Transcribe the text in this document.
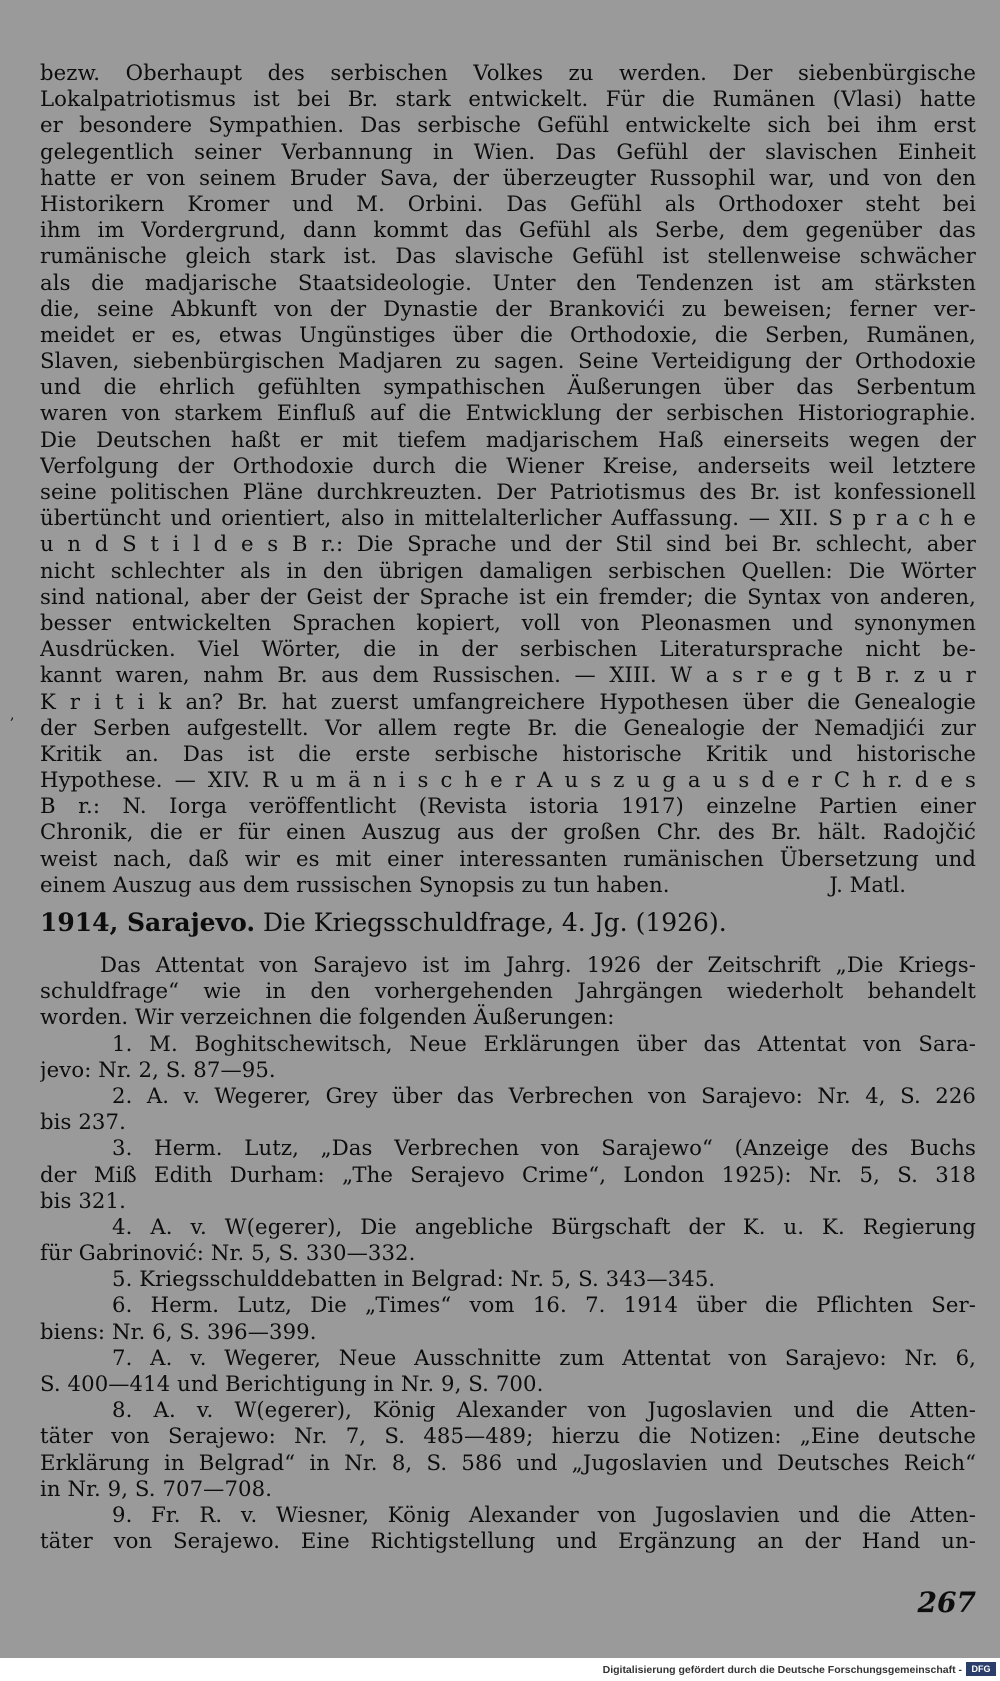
bezw. Oberhaupt des serbischen Volkes zu werden. Der siebenbürgische
Lokalpatriotismus ist bei Br. stark entwickelt. Für die Rumänen (Vlasi) hatte
er besondere Sympathien. Das serbische Gefühl entwickelte sich bei ihm erst
gelegentlich seiner Verbannung in Wien. Das Gefühl der slavischen Einheit
hatte er von seinem Bruder Sava, der überzeugter Russophil war, und von den
Historikern Kromer und M. Orbini. Das Gefühl als Orthodoxer steht bei
ihm im Vordergrund, dann kommt das Gefühl als Serbe, dem gegenüber das
rumänische gleich stark ist. Das slavische Gefühl ist stellenweise schwächer
als die madjarische Staatsideologie. Unter den Tendenzen ist am stärksten
die, seine Abkunft von der Dynastie der Brankovići zu beweisen; ferner ver-
meidet er es, etwas Ungünstiges über die Orthodoxie, die Serben, Rumänen,
Slaven, siebenbürgischen Madjaren zu sagen. Seine Verteidigung der Orthodoxie
und die ehrlich gefühlten sympathischen Äußerungen über das Serbentum
waren von starkem Einfluß auf die Entwicklung der serbischen Historiographie.
Die Deutschen haßt er mit tiefem madjarischem Haß einerseits wegen der
Verfolgung der Orthodoxie durch die Wiener Kreise, anderseits weil letztere
seine politischen Pläne durchkreuzten. Der Patriotismus des Br. ist konfessionell
übertüncht und orientiert, also in mittelalterlicher Auffassung. — XII. S p r a c h e
u n d S t i l d e s B r.: Die Sprache und der Stil sind bei Br. schlecht, aber
nicht schlechter als in den übrigen damaligen serbischen Quellen: Die Wörter
sind national, aber der Geist der Sprache ist ein fremder; die Syntax von anderen,
besser entwickelten Sprachen kopiert, voll von Pleonasmen und synonymen
Ausdrücken. Viel Wörter, die in der serbischen Literatursprache nicht be-
kannt waren, nahm Br. aus dem Russischen. — XIII. W a s r e g t B r. z u r
K r i t i k an? Br. hat zuerst umfangreichere Hypothesen über die Genealogie
der Serben aufgestellt. Vor allem regte Br. die Genealogie der Nemadjići zur
Kritik an. Das ist die erste serbische historische Kritik und historische
Hypothese. — XIV. R u m ä n i s c h e r A u s z u g a u s d e r C h r. d e s
B r.: N. Iorga veröffentlicht (Revista istoria 1917) einzelne Partien einer
Chronik, die er für einen Auszug aus der großen Chr. des Br. hält. Radojčić
weist nach, daß wir es mit einer interessanten rumänischen Übersetzung und
einem Auszug aus dem russischen Synopsis zu tun haben.	J. Matl.
1914, Sarajevo. Die Kriegsschuldfrage, 4. Jg. (1926).
Das Attentat von Sarajevo ist im Jahrg. 1926 der Zeitschrift „Die Kriegs-
schuldfrage“ wie in den vorhergehenden Jahrgängen wiederholt behandelt
worden. Wir verzeichnen die folgenden Äußerungen:
1. M. Boghitschewitsch, Neue Erklärungen über das Attentat von Sara-
jevo: Nr. 2, S. 87—95.
2. A. v. Wegerer, Grey über das Verbrechen von Sarajevo: Nr. 4, S. 226
bis 237.
3. Herm. Lutz, „Das Verbrechen von Sarajewo“ (Anzeige des Buchs
der Miß Edith Durham: „The Serajevo Crime“, London 1925): Nr. 5, S. 318
bis 321.
4. A. v. W(egerer), Die angebliche Bürgschaft der K. u. K. Regierung
für Gabrinović: Nr. 5, S. 330—332.
5. Kriegsschulddebatten in Belgrad: Nr. 5, S. 343—345.
6. Herm. Lutz, Die „Times“ vom 16. 7. 1914 über die Pflichten Ser-
biens: Nr. 6, S. 396—399.
7. A. v. Wegerer, Neue Ausschnitte zum Attentat von Sarajevo: Nr. 6,
S. 400—414 und Berichtigung in Nr. 9, S. 700.
8. A. v. W(egerer), König Alexander von Jugoslavien und die Atten-
täter von Serajewo: Nr. 7, S. 485—489; hierzu die Notizen: „Eine deutsche
Erklärung in Belgrad“ in Nr. 8, S. 586 und „Jugoslavien und Deutsches Reich“
in Nr. 9, S. 707—708.
9. Fr. R. v. Wiesner, König Alexander von Jugoslavien und die Atten-
täter von Serajewo. Eine Richtigstellung und Ergänzung an der Hand un-
267
,
Digitalisierung gefördert durch die Deutsche Forschungsgemeinschaft -	DFG
